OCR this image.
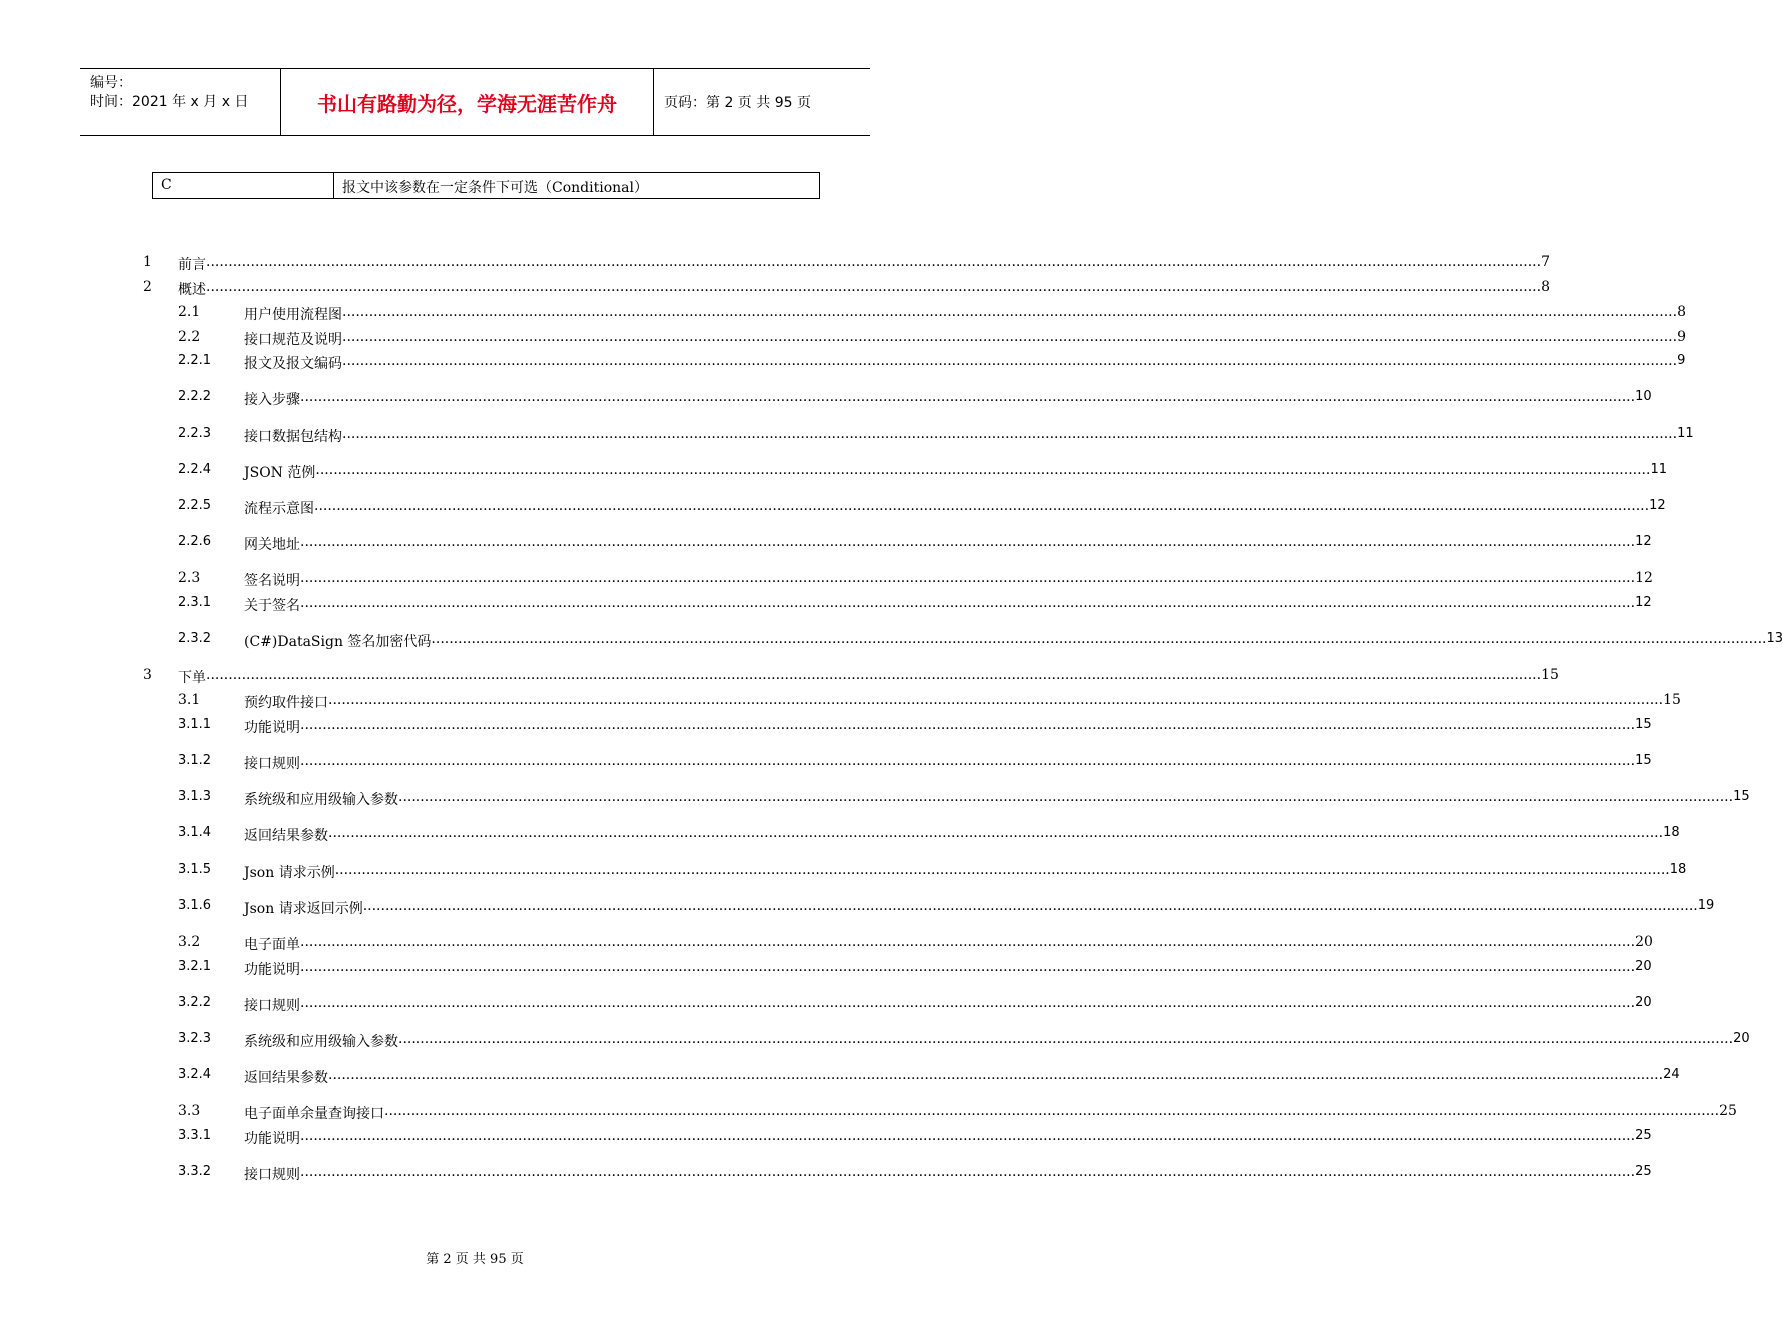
编号：
时间：2021 年 x 月 x 日	书山有路勤为径，学海无涯苦作舟	页码：第 2 页 共 95 页
C	报文中该参数在一定条件下可选（Conditional）
1 前言 ............................................................................................................................................................................................................................................................................................................ 7
2 概述 ............................................................................................................................................................................................................................................................................................................ 8
2.1	用户使用流程图 ............................................................................................................................................................................................................................................................................................................ 8
2.2	接口规范及说明 ............................................................................................................................................................................................................................................................................................................ 9
2.2.1 报文及报文编码 ............................................................................................................................................................................................................................................................................................................ 9
2.2.2 接入步骤 ............................................................................................................................................................................................................................................................................................................ 10
2.2.3 接口数据包结构 ............................................................................................................................................................................................................................................................................................................ 11
2.2.4 JSON 范例 ............................................................................................................................................................................................................................................................................................................ 11
2.2.5 流程示意图 ............................................................................................................................................................................................................................................................................................................ 12
2.2.6 网关地址 ............................................................................................................................................................................................................................................................................................................ 12
2.3	签名说明 ............................................................................................................................................................................................................................................................................................................ 12
2.3.1 关于签名 ............................................................................................................................................................................................................................................................................................................ 12
2.3.2 (C#)DataSign 签名加密代码 ............................................................................................................................................................................................................................................................................................................ 13
3 下单 ............................................................................................................................................................................................................................................................................................................ 15
3.1	预约取件接口 ............................................................................................................................................................................................................................................................................................................ 15
3.1.1 功能说明 ............................................................................................................................................................................................................................................................................................................ 15
3.1.2 接口规则 ............................................................................................................................................................................................................................................................................................................ 15
3.1.3 系统级和应用级输入参数 ............................................................................................................................................................................................................................................................................................................ 15
3.1.4 返回结果参数 ............................................................................................................................................................................................................................................................................................................ 18
3.1.5 Json 请求示例 ............................................................................................................................................................................................................................................................................................................ 18
3.1.6 Json 请求返回示例 ............................................................................................................................................................................................................................................................................................................ 19
3.2	电子面单 ............................................................................................................................................................................................................................................................................................................ 20
3.2.1 功能说明 ............................................................................................................................................................................................................................................................................................................ 20
3.2.2 接口规则 ............................................................................................................................................................................................................................................................................................................ 20
3.2.3 系统级和应用级输入参数 ............................................................................................................................................................................................................................................................................................................ 20
3.2.4 返回结果参数 ............................................................................................................................................................................................................................................................................................................ 24
3.3	电子面单余量查询接口 ............................................................................................................................................................................................................................................................................................................ 25
3.3.1 功能说明 ............................................................................................................................................................................................................................................................................................................ 25
3.3.2 接口规则 ............................................................................................................................................................................................................................................................................................................ 25
第 2 页 共 95 页
